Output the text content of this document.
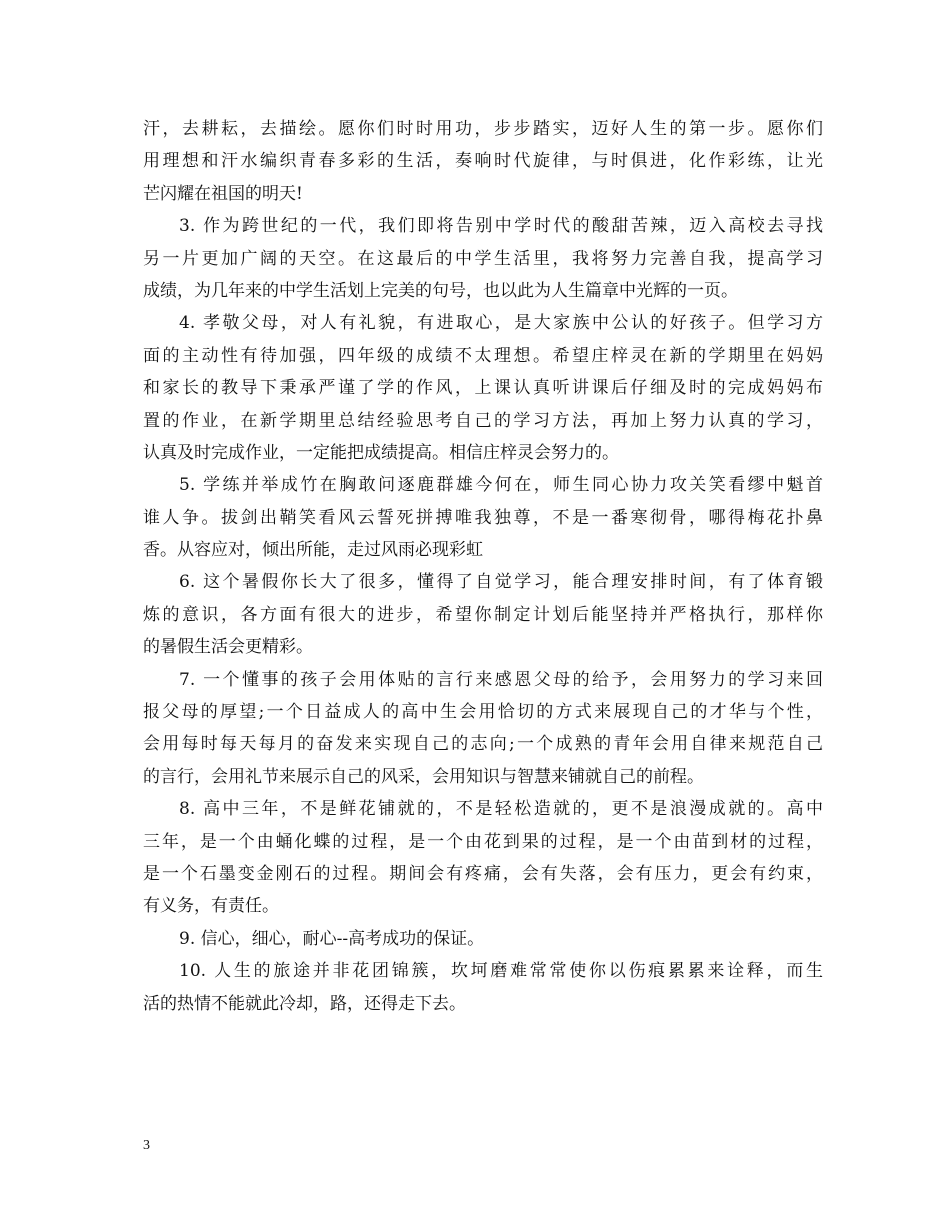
汗，去耕耘，去描绘。愿你们时时用功，步步踏实，迈好人生的第一步。愿你们
用理想和汗水编织青春多彩的生活，奏响时代旋律，与时俱进，化作彩练，让光
芒闪耀在祖国的明天!
3. 作为跨世纪的一代，我们即将告别中学时代的酸甜苦辣，迈入高校去寻找
另一片更加广阔的天空。在这最后的中学生活里，我将努力完善自我，提高学习
成绩，为几年来的中学生活划上完美的句号，也以此为人生篇章中光辉的一页。
4. 孝敬父母，对人有礼貌，有进取心，是大家族中公认的好孩子。但学习方
面的主动性有待加强，四年级的成绩不太理想。希望庄梓灵在新的学期里在妈妈
和家长的教导下秉承严谨了学的作风，上课认真听讲课后仔细及时的完成妈妈布
置的作业，在新学期里总结经验思考自己的学习方法，再加上努力认真的学习，
认真及时完成作业，一定能把成绩提高。相信庄梓灵会努力的。
5. 学练并举成竹在胸敢问逐鹿群雄今何在，师生同心协力攻关笑看缪中魁首
谁人争。拔剑出鞘笑看风云誓死拼搏唯我独尊，不是一番寒彻骨，哪得梅花扑鼻
香。从容应对，倾出所能，走过风雨必现彩虹
6. 这个暑假你长大了很多，懂得了自觉学习，能合理安排时间，有了体育锻
炼的意识，各方面有很大的进步，希望你制定计划后能坚持并严格执行，那样你
的暑假生活会更精彩。
7. 一个懂事的孩子会用体贴的言行来感恩父母的给予，会用努力的学习来回
报父母的厚望;一个日益成人的高中生会用恰切的方式来展现自己的才华与个性，
会用每时每天每月的奋发来实现自己的志向;一个成熟的青年会用自律来规范自己
的言行，会用礼节来展示自己的风采，会用知识与智慧来铺就自己的前程。
8. 高中三年，不是鲜花铺就的，不是轻松造就的，更不是浪漫成就的。高中
三年，是一个由蛹化蝶的过程，是一个由花到果的过程，是一个由苗到材的过程，
是一个石墨变金刚石的过程。期间会有疼痛，会有失落，会有压力，更会有约束，
有义务，有责任。
9. 信心，细心，耐心--高考成功的保证。
10. 人生的旅途并非花团锦簇，坎坷磨难常常使你以伤痕累累来诠释，而生
活的热情不能就此冷却，路，还得走下去。
3
